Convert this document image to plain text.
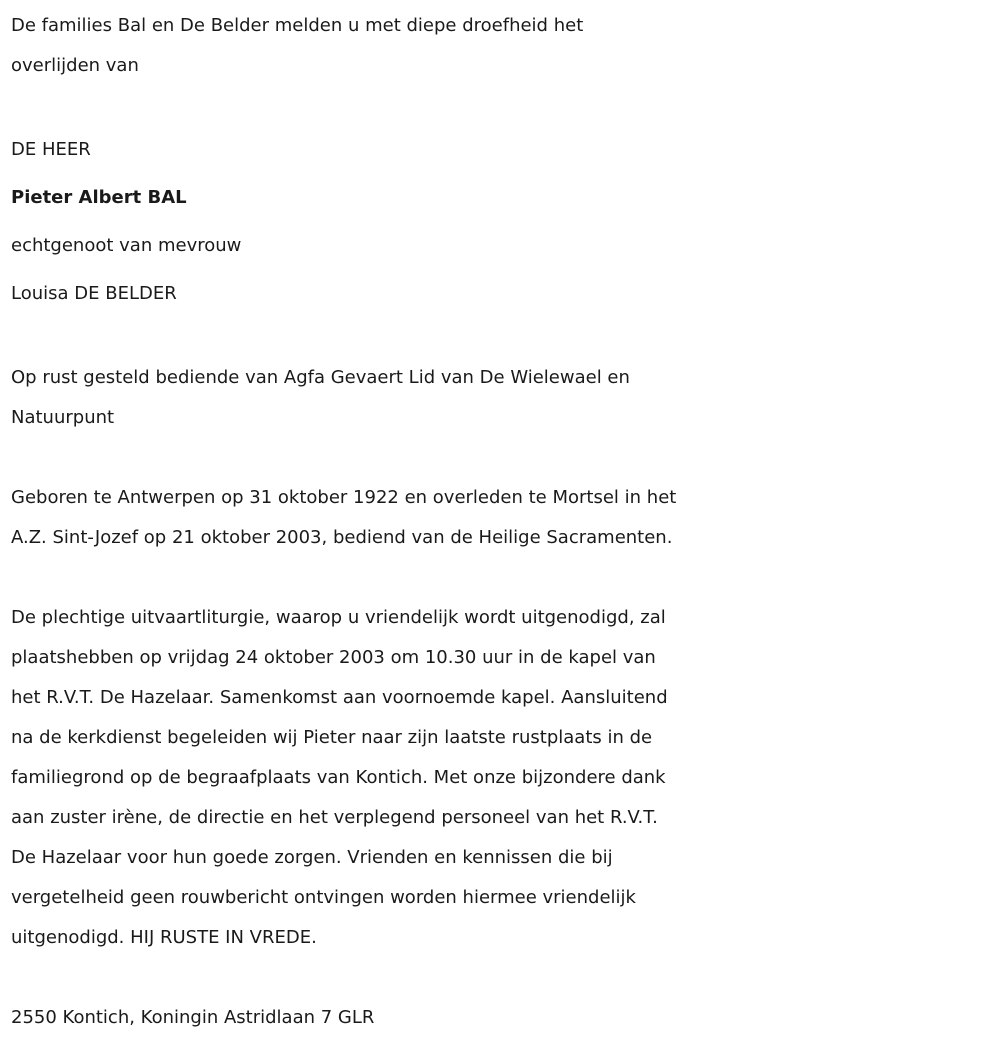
De families Bal en De Belder melden u met diepe droefheid het
overlijden van
DE HEER
Pieter Albert BAL
echtgenoot van mevrouw
Louisa DE BELDER
Op rust gesteld bediende van Agfa Gevaert Lid van De Wielewael en
Natuurpunt
Geboren te Antwerpen op 31 oktober 1922 en overleden te Mortsel in het
A.Z. Sint-Jozef op 21 oktober 2003, bediend van de Heilige Sacramenten.
De plechtige uitvaartliturgie, waarop u vriendelijk wordt uitgenodigd, zal
plaatshebben op vrijdag 24 oktober 2003 om 10.30 uur in de kapel van
het R.V.T. De Hazelaar. Samenkomst aan voornoemde kapel. Aansluitend
na de kerkdienst begeleiden wij Pieter naar zijn laatste rustplaats in de
familiegrond op de begraafplaats van Kontich. Met onze bijzondere dank
aan zuster irène, de directie en het verplegend personeel van het R.V.T.
De Hazelaar voor hun goede zorgen. Vrienden en kennissen die bij
vergetelheid geen rouwbericht ontvingen worden hiermee vriendelijk
uitgenodigd. HIJ RUSTE IN VREDE.
2550 Kontich, Koningin Astridlaan 7 GLR
